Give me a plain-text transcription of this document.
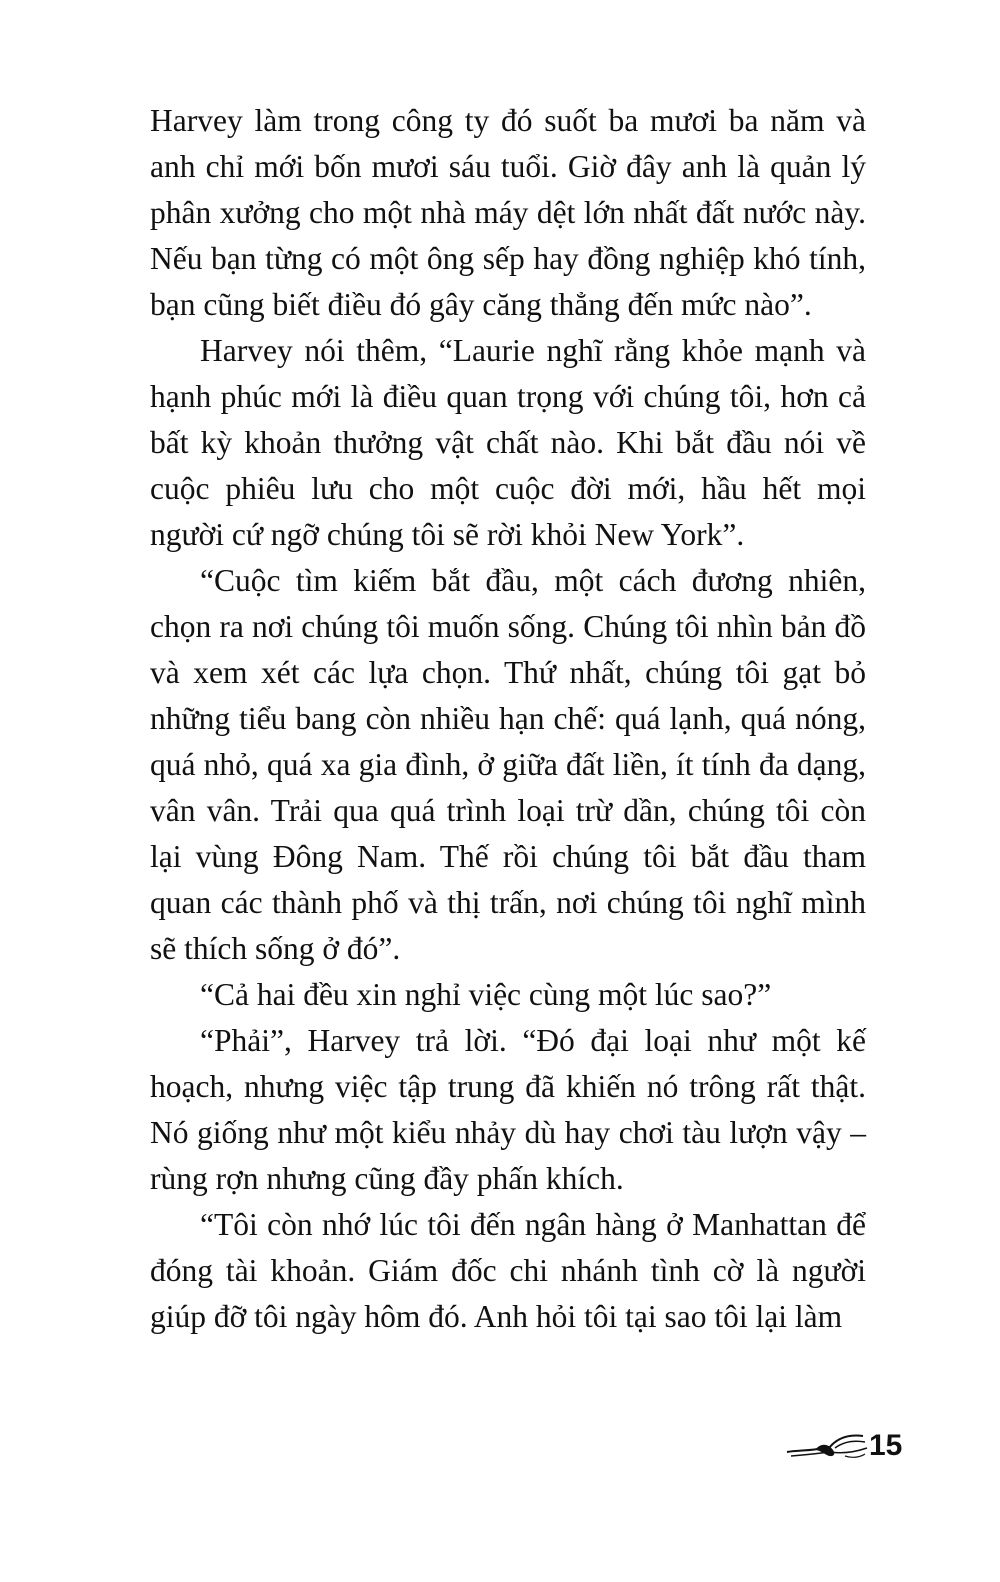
Harvey làm trong công ty đó suốt ba mươi ba năm và anh chỉ mới bốn mươi sáu tuổi. Giờ đây anh là quản lý phân xưởng cho một nhà máy dệt lớn nhất đất nước này. Nếu bạn từng có một ông sếp hay đồng nghiệp khó tính, bạn cũng biết điều đó gây căng thẳng đến mức nào”.

Harvey nói thêm, “Laurie nghĩ rằng khỏe mạnh và hạnh phúc mới là điều quan trọng với chúng tôi, hơn cả bất kỳ khoản thưởng vật chất nào. Khi bắt đầu nói về cuộc phiêu lưu cho một cuộc đời mới, hầu hết mọi người cứ ngỡ chúng tôi sẽ rời khỏi New York”.

“Cuộc tìm kiếm bắt đầu, một cách đương nhiên, chọn ra nơi chúng tôi muốn sống. Chúng tôi nhìn bản đồ và xem xét các lựa chọn. Thứ nhất, chúng tôi gạt bỏ những tiểu bang còn nhiều hạn chế: quá lạnh, quá nóng, quá nhỏ, quá xa gia đình, ở giữa đất liền, ít tính đa dạng, vân vân. Trải qua quá trình loại trừ dần, chúng tôi còn lại vùng Đông Nam. Thế rồi chúng tôi bắt đầu tham quan các thành phố và thị trấn, nơi chúng tôi nghĩ mình sẽ thích sống ở đó”.

“Cả hai đều xin nghỉ việc cùng một lúc sao?”

“Phải”, Harvey trả lời. “Đó đại loại như một kế hoạch, nhưng việc tập trung đã khiến nó trông rất thật. Nó giống như một kiểu nhảy dù hay chơi tàu lượn vậy – rùng rợn nhưng cũng đầy phấn khích.

“Tôi còn nhớ lúc tôi đến ngân hàng ở Manhattan để đóng tài khoản. Giám đốc chi nhánh tình cờ là người giúp đỡ tôi ngày hôm đó. Anh hỏi tôi tại sao tôi lại làm

15
